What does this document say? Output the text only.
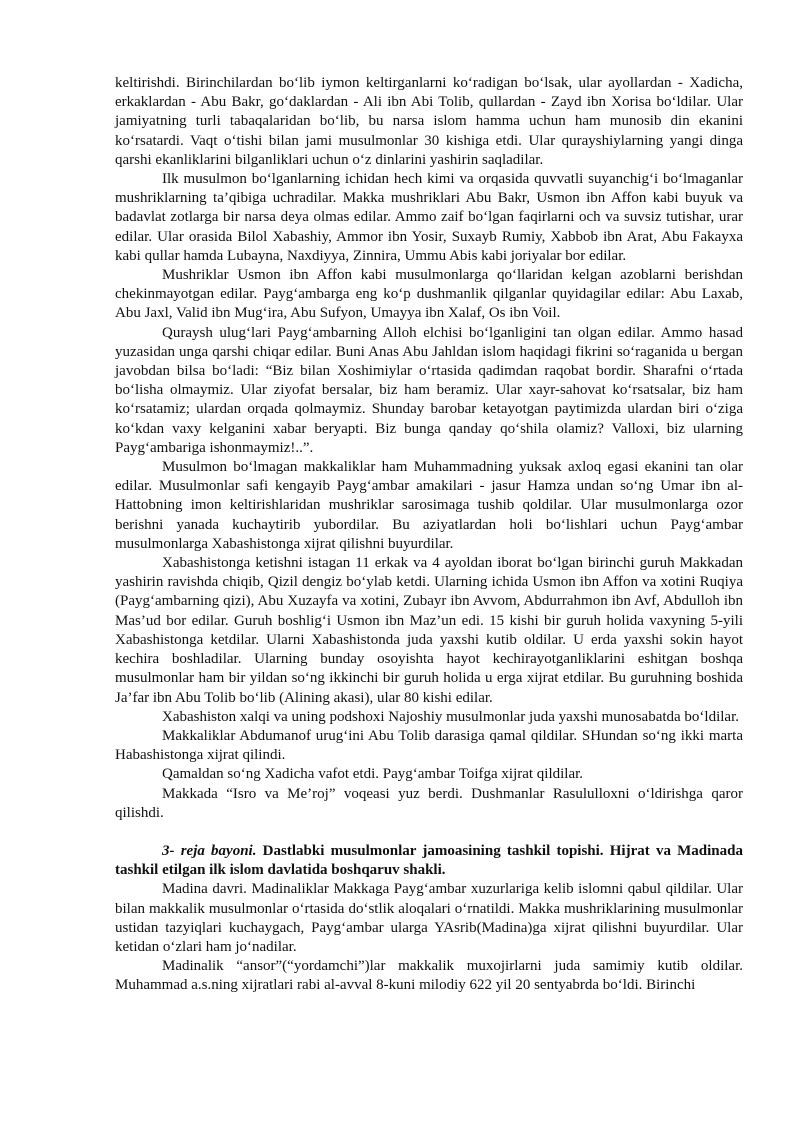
keltirishdi. Birinchilardan bo‘lib iymon keltirganlarni ko‘radigan bo‘lsak, ular ayollardan - Xadicha, erkaklardan - Abu Bakr, go‘daklardan - Ali ibn Abi Tolib, qullardan - Zayd ibn Xorisa bo‘ldilar. Ular jamiyatning turli tabaqalaridan bo‘lib, bu narsa islom hamma uchun ham munosib din ekanini ko‘rsatardi. Vaqt o‘tishi bilan jami musulmonlar 30 kishiga etdi. Ular qurayshiylarning yangi dinga qarshi ekanliklarini bilganliklari uchun o‘z dinlarini yashirin saqladilar.

Ilk musulmon bo‘lganlarning ichidan hech kimi va orqasida quvvatli suyanchig‘i bo‘lmaganlar mushriklarning ta’qibiga uchradilar. Makka mushriklari Abu Bakr, Usmon ibn Affon kabi buyuk va badavlat zotlarga bir narsa deya olmas edilar. Ammo zaif bo‘lgan faqirlarni och va suvsiz tutishar, urar edilar. Ular orasida Bilol Xabashiy, Ammor ibn Yosir, Suxayb Rumiy, Xabbob ibn Arat, Abu Fakayxa kabi qullar hamda Lubayna, Naxdiyya, Zinnira, Ummu Abis kabi joriyalar bor edilar.

Mushriklar Usmon ibn Affon kabi musulmonlarga qo‘llaridan kelgan azoblarni berishdan chekinmayotgan edilar. Payg‘ambarga eng ko‘p dushmanlik qilganlar quyidagilar edilar: Abu Laxab, Abu Jaxl, Valid ibn Mug‘ira, Abu Sufyon, Umayya ibn Xalaf, Os ibn Voil.

Quraysh ulug‘lari Payg‘ambarning Alloh elchisi bo‘lganligini tan olgan edilar. Ammo hasad yuzasidan unga qarshi chiqar edilar. Buni Anas Abu Jahldan islom haqidagi fikrini so‘raganida u bergan javobdan bilsa bo‘ladi: “Biz bilan Xoshimiylar o‘rtasida qadimdan raqobat bordir. Sharafni o‘rtada bo‘lisha olmaymiz. Ular ziyofat bersalar, biz ham beramiz. Ular xayr-sahovat ko‘rsatsalar, biz ham ko‘rsatamiz; ulardan orqada qolmaymiz. Shunday barobar ketayotgan paytimizda ulardan biri o‘ziga ko‘kdan vaxy kelganini xabar beryapti. Biz bunga qanday qo‘shila olamiz? Valloxi, biz ularning Payg‘ambariga ishonmaymiz!..”.

Musulmon bo‘lmagan makkaliklar ham Muhammadning yuksak axloq egasi ekanini tan olar edilar. Musulmonlar safi kengayib Payg‘ambar amakilari - jasur Hamza undan so‘ng Umar ibn al-Hattobning imon keltirishlaridan mushriklar sarosimaga tushib qoldilar. Ular musulmonlarga ozor berishni yanada kuchaytirib yubordilar. Bu aziyatlardan holi bo‘lishlari uchun Payg‘ambar musulmonlarga Xabashistonga xijrat qilishni buyurdilar.

Xabashistonga ketishni istagan 11 erkak va 4 ayoldan iborat bo‘lgan birinchi guruh Makkadan yashirin ravishda chiqib, Qizil dengiz bo‘ylab ketdi. Ularning ichida Usmon ibn Affon va xotini Ruqiya (Payg‘ambarning qizi), Abu Xuzayfa va xotini, Zubayr ibn Avvom, Abdurrahmon ibn Avf, Abdulloh ibn Mas’ud bor edilar. Guruh boshlig‘i Usmon ibn Maz’un edi. 15 kishi bir guruh holida vaxyning 5-yili Xabashistonga ketdilar. Ularni Xabashistonda juda yaxshi kutib oldilar. U erda yaxshi sokin hayot kechira boshladilar. Ularning bunday osoyishta hayot kechirayotganliklarini eshitgan boshqa musulmonlar ham bir yildan so‘ng ikkinchi bir guruh holida u erga xijrat etdilar. Bu guruhning boshida Ja’far ibn Abu Tolib bo‘lib (Alining akasi), ular 80 kishi edilar.

Xabashiston xalqi va uning podshoxi Najoshiy musulmonlar juda yaxshi munosabatda bo‘ldilar.

Makkaliklar Abdumanof urug‘ini Abu Tolib darasiga qamal qildilar. SHundan so‘ng ikki marta Habashistonga xijrat qilindi.

Qamaldan so‘ng Xadicha vafot etdi. Payg‘ambar Toifga xijrat qildilar.

Makkada “Isro va Me’roj” voqeasi yuz berdi. Dushmanlar Rasululloxni o‘ldirishga qaror qilishdi.

3- reja bayoni. Dastlabki musulmonlar jamoasining tashkil topishi. Hijrat va Madinada tashkil etilgan ilk islom davlatida boshqaruv shakli.

Madina davri. Madinaliklar Makkaga Payg‘ambar xuzurlariga kelib islomni qabul qildilar. Ular bilan makkalik musulmonlar o‘rtasida do‘stlik aloqalari o‘rnatildi. Makka mushriklarining musulmonlar ustidan tazyiqlari kuchaygach, Payg‘ambar ularga YAsrib(Madina)ga xijrat qilishni buyurdilar. Ular ketidan o‘zlari ham jo‘nadilar.

Madinalik “ansor”(“yordamchi”)lar makkalik muxojirlarni juda samimiy kutib oldilar. Muhammad a.s.ning xijratlari rabi al-avval 8-kuni milodiy 622 yil 20 sentyabrda bo‘ldi. Birinchi
